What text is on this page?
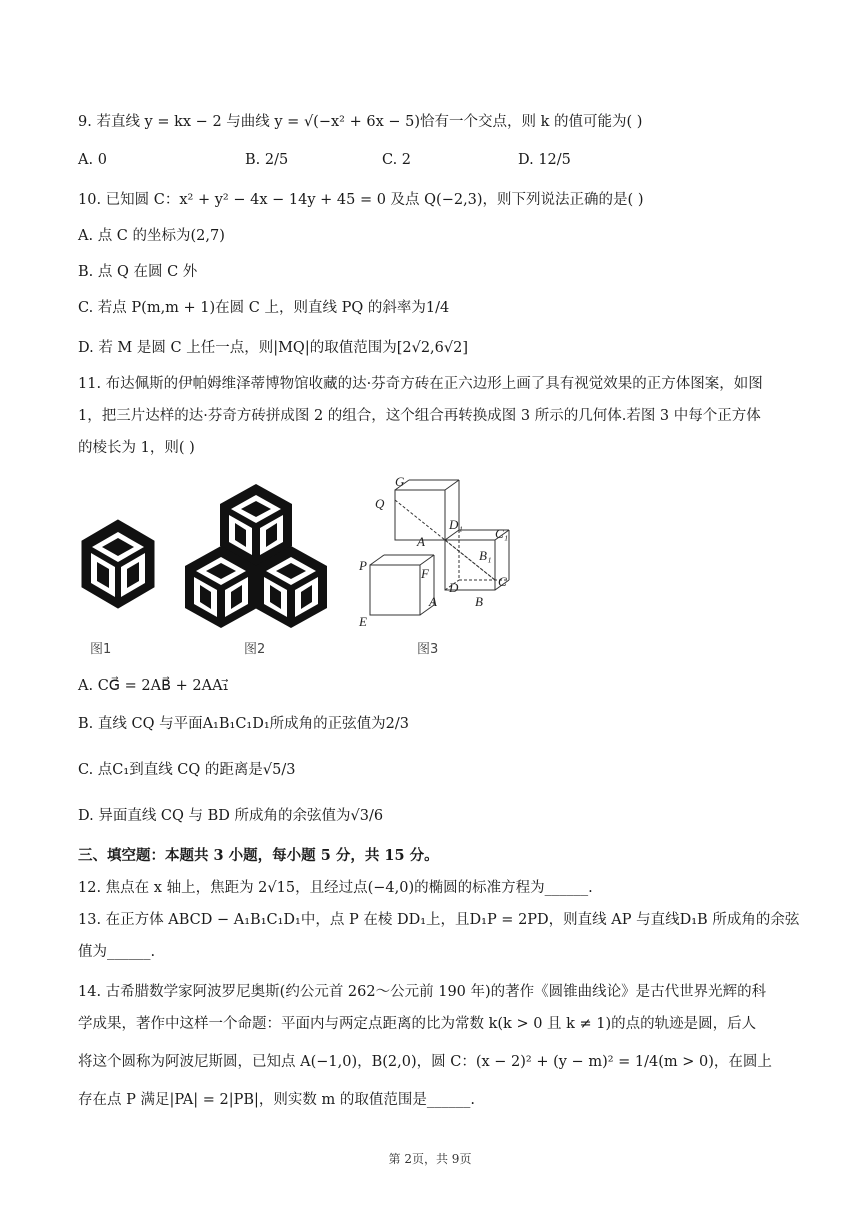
9. 若直线 y = kx − 2 与曲线 y = √(−x² + 6x − 5)恰有一个交点，则 k 的值可能为( )
A. 0	B. 2/5	C. 2	D. 12/5
10. 已知圆 C：x² + y² − 4x − 14y + 45 = 0 及点 Q(−2,3)，则下列说法正确的是( )
A. 点 C 的坐标为(2,7)
B. 点 Q 在圆 C 外
C. 若点 P(m,m + 1)在圆 C 上，则直线 PQ 的斜率为1/4
D. 若 M 是圆 C 上任一点，则|MQ|的取值范围为[2√2,6√2]
11. 布达佩斯的伊帕姆维泽蒂博物馆收藏的达·芬奇方砖在正六边形上画了具有视觉效果的正方体图案，如图
1，把三片达样的达·芬奇方砖拼成图 2 的组合，这个组合再转换成图 3 所示的几何体.若图 3 中每个正方体
的棱长为 1，则( )
图1	图2
G
Q
D₁
C₁
A
B₁
P
F
D	C
A	B
E
图3
A. CG⃗ = 2AB⃗ + 2AA₁⃗
B. 直线 CQ 与平面A₁B₁C₁D₁所成角的正弦值为2/3
C. 点C₁到直线 CQ 的距离是√5/3
D. 异面直线 CQ 与 BD 所成角的余弦值为√3/6
三、填空题：本题共 3 小题，每小题 5 分，共 15 分。
12. 焦点在 x 轴上，焦距为 2√15，且经过点(−4,0)的椭圆的标准方程为______.
13. 在正方体 ABCD − A₁B₁C₁D₁中，点 P 在棱 DD₁上，且D₁P = 2PD，则直线 AP 与直线D₁B 所成角的余弦
值为______.
14. 古希腊数学家阿波罗尼奥斯(约公元首 262～公元前 190 年)的著作《圆锥曲线论》是古代世界光辉的科
学成果，著作中这样一个命题：平面内与两定点距离的比为常数 k(k > 0 且 k ≠ 1)的点的轨迹是圆，后人
将这个圆称为阿波尼斯圆，已知点 A(−1,0)，B(2,0)，圆 C：(x − 2)² + (y − m)² = 1/4(m > 0)，在圆上
存在点 P 满足|PA| = 2|PB|，则实数 m 的取值范围是______.
第 2页，共 9页
